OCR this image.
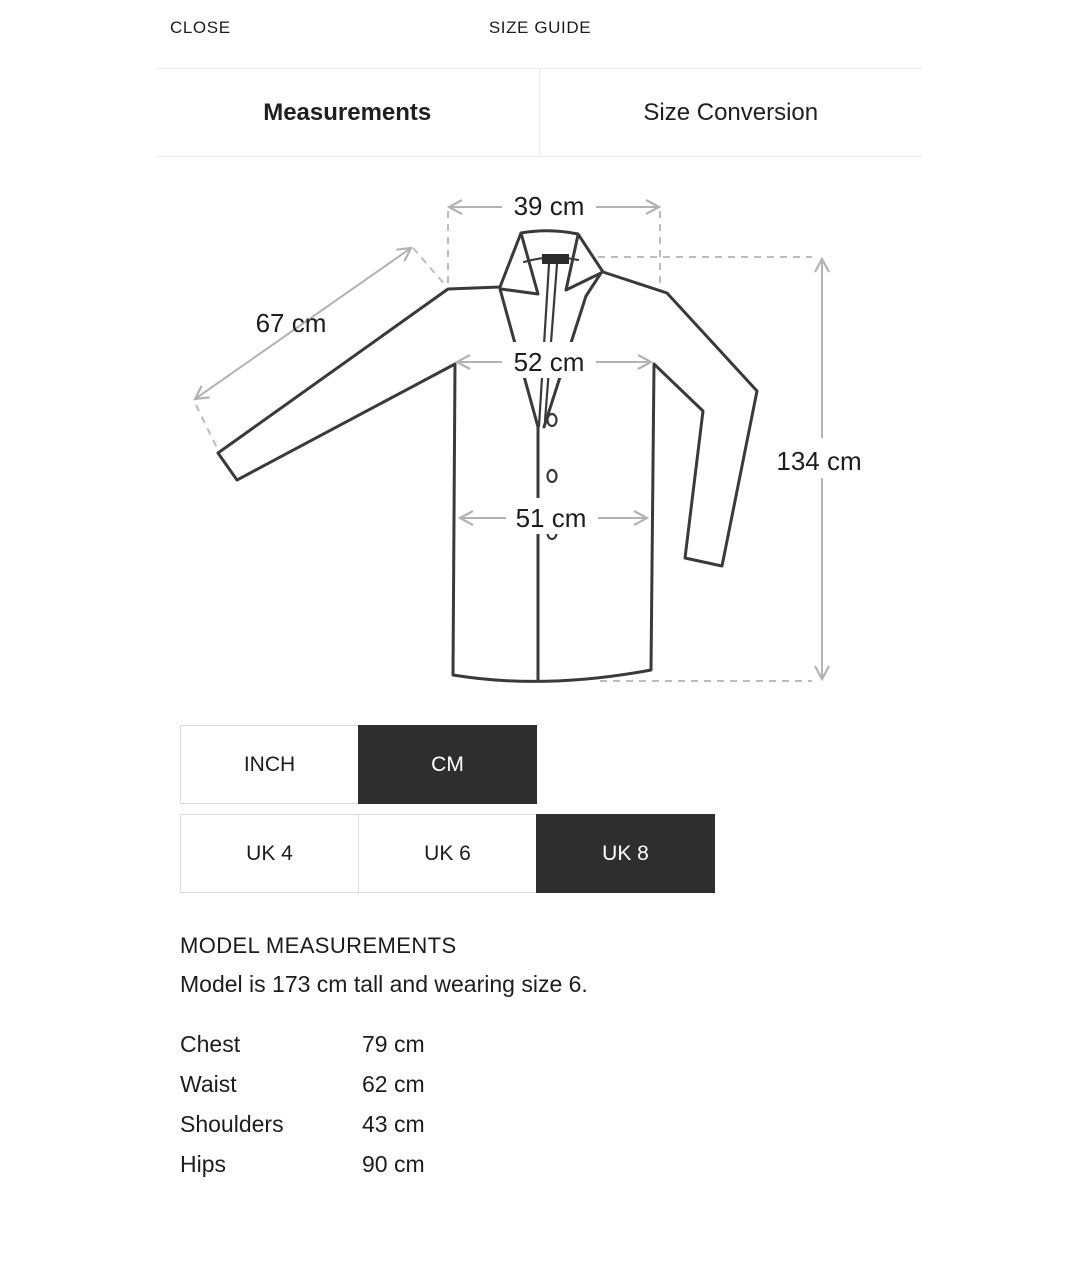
CLOSE	SIZE GUIDE
Measurements	Size Conversion
39 cm
67 cm
52 cm
51 cm
134 cm
INCH	CM
UK 4	UK 6	UK 8
MODEL MEASUREMENTS
Model is 173 cm tall and wearing size 6.
Chest	79 cm
Waist	62 cm
Shoulders	43 cm
Hips	90 cm
